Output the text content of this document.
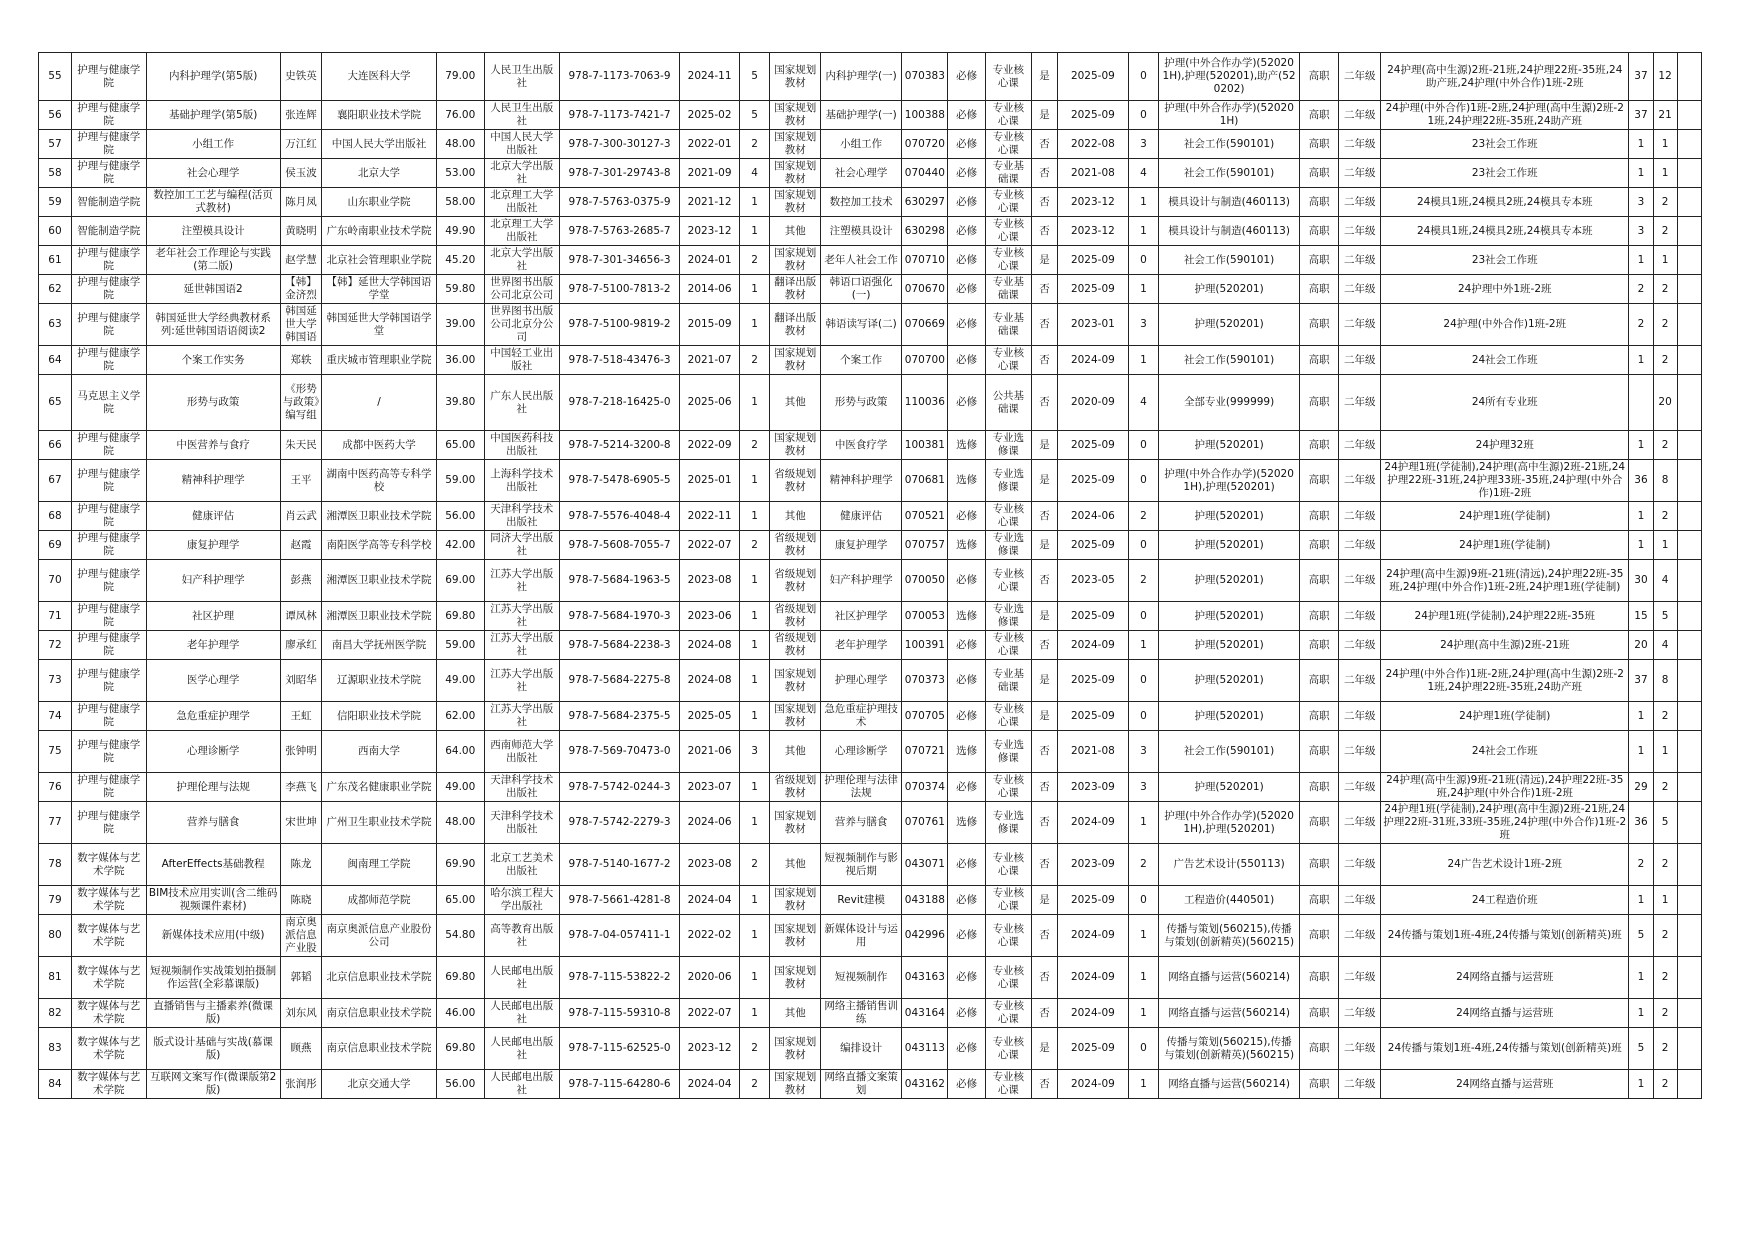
55	护理与健康学院	内科护理学(第5版)	史铁英	大连医科大学	79.00	人民卫生出版社	978-7-1173-7063-9	2024-11	5	国家规划教材	内科护理学(一)	070383	必修	专业核心课	是	2025-09	0	护理(中外合作办学)(520201H),护理(520201),助产(520202)	高职	二年级	24护理(高中生源)2班-21班,24护理22班-35班,24助产班,24护理(中外合作)1班-2班	37	12	
56	护理与健康学院	基础护理学(第5版)	张连辉	襄阳职业技术学院	76.00	人民卫生出版社	978-7-1173-7421-7	2025-02	5	国家规划教材	基础护理学(一)	100388	必修	专业核心课	是	2025-09	0	护理(中外合作办学)(520201H)	高职	二年级	24护理(中外合作)1班-2班,24护理(高中生源)2班-21班,24护理22班-35班,24助产班	37	21	
57	护理与健康学院	小组工作	万江红	中国人民大学出版社	48.00	中国人民大学出版社	978-7-300-30127-3	2022-01	2	国家规划教材	小组工作	070720	必修	专业核心课	否	2022-08	3	社会工作(590101)	高职	二年级	23社会工作班	1	1	
58	护理与健康学院	社会心理学	侯玉波	北京大学	53.00	北京大学出版社	978-7-301-29743-8	2021-09	4	国家规划教材	社会心理学	070440	必修	专业基础课	否	2021-08	4	社会工作(590101)	高职	二年级	23社会工作班	1	1	
59	智能制造学院	数控加工工艺与编程(活页式教材)	陈月凤	山东职业学院	58.00	北京理工大学出版社	978-7-5763-0375-9	2021-12	1	国家规划教材	数控加工技术	630297	必修	专业核心课	否	2023-12	1	模具设计与制造(460113)	高职	二年级	24模具1班,24模具2班,24模具专本班	3	2	
60	智能制造学院	注塑模具设计	黄晓明	广东岭南职业技术学院	49.90	北京理工大学出版社	978-7-5763-2685-7	2023-12	1	其他	注塑模具设计	630298	必修	专业核心课	否	2023-12	1	模具设计与制造(460113)	高职	二年级	24模具1班,24模具2班,24模具专本班	3	2	
61	护理与健康学院	老年社会工作理论与实践(第二版)	赵学慧	北京社会管理职业学院	45.20	北京大学出版社	978-7-301-34656-3	2024-01	2	国家规划教材	老年人社会工作	070710	必修	专业核心课	是	2025-09	0	社会工作(590101)	高职	二年级	23社会工作班	1	1	
62	护理与健康学院	延世韩国语2	【韩】金济烈	【韩】延世大学韩国语学堂	59.80	世界图书出版公司北京公司	978-7-5100-7813-2	2014-06	1	翻译出版教材	韩语口语强化(一)	070670	必修	专业基础课	否	2025-09	1	护理(520201)	高职	二年级	24护理中外1班-2班	2	2	
63	护理与健康学院	韩国延世大学经典教材系列:延世韩国语语阅读2	韩国延世大学韩国语	韩国延世大学韩国语学堂	39.00	世界图书出版公司北京分公司	978-7-5100-9819-2	2015-09	1	翻译出版教材	韩语读写译(二)	070669	必修	专业基础课	否	2023-01	3	护理(520201)	高职	二年级	24护理(中外合作)1班-2班	2	2	
64	护理与健康学院	个案工作实务	郑轶	重庆城市管理职业学院	36.00	中国轻工业出版社	978-7-518-43476-3	2021-07	2	国家规划教材	个案工作	070700	必修	专业核心课	否	2024-09	1	社会工作(590101)	高职	二年级	24社会工作班	1	2	
65	马克思主义学院	形势与政策	《形势与政策》编写组	/	39.80	广东人民出版社	978-7-218-16425-0	2025-06	1	其他	形势与政策	110036	必修	公共基础课	否	2020-09	4	全部专业(999999)	高职	二年级	24所有专业班		20	
66	护理与健康学院	中医营养与食疗	朱天民	成都中医药大学	65.00	中国医药科技出版社	978-7-5214-3200-8	2022-09	2	国家规划教材	中医食疗学	100381	选修	专业选修课	是	2025-09	0	护理(520201)	高职	二年级	24护理32班	1	2	
67	护理与健康学院	精神科护理学	王平	湖南中医药高等专科学校	59.00	上海科学技术出版社	978-7-5478-6905-5	2025-01	1	省级规划教材	精神科护理学	070681	选修	专业选修课	是	2025-09	0	护理(中外合作办学)(520201H),护理(520201)	高职	二年级	24护理1班(学徒制),24护理(高中生源)2班-21班,24护理22班-31班,24护理33班-35班,24护理(中外合作)1班-2班	36	8	
68	护理与健康学院	健康评估	肖云武	湘潭医卫职业技术学院	56.00	天津科学技术出版社	978-7-5576-4048-4	2022-11	1	其他	健康评估	070521	必修	专业核心课	否	2024-06	2	护理(520201)	高职	二年级	24护理1班(学徒制)	1	2	
69	护理与健康学院	康复护理学	赵霞	南阳医学高等专科学校	42.00	同济大学出版社	978-7-5608-7055-7	2022-07	2	省级规划教材	康复护理学	070757	选修	专业选修课	是	2025-09	0	护理(520201)	高职	二年级	24护理1班(学徒制)	1	1	
70	护理与健康学院	妇产科护理学	彭燕	湘潭医卫职业技术学院	69.00	江苏大学出版社	978-7-5684-1963-5	2023-08	1	省级规划教材	妇产科护理学	070050	必修	专业核心课	否	2023-05	2	护理(520201)	高职	二年级	24护理(高中生源)9班-21班(清远),24护理22班-35班,24护理(中外合作)1班-2班,24护理1班(学徒制)	30	4	
71	护理与健康学院	社区护理	谭凤林	湘潭医卫职业技术学院	69.80	江苏大学出版社	978-7-5684-1970-3	2023-06	1	省级规划教材	社区护理学	070053	选修	专业选修课	是	2025-09	0	护理(520201)	高职	二年级	24护理1班(学徒制),24护理22班-35班	15	5	
72	护理与健康学院	老年护理学	廖承红	南昌大学抚州医学院	59.00	江苏大学出版社	978-7-5684-2238-3	2024-08	1	省级规划教材	老年护理学	100391	必修	专业核心课	否	2024-09	1	护理(520201)	高职	二年级	24护理(高中生源)2班-21班	20	4	
73	护理与健康学院	医学心理学	刘昭华	辽源职业技术学院	49.00	江苏大学出版社	978-7-5684-2275-8	2024-08	1	国家规划教材	护理心理学	070373	必修	专业基础课	是	2025-09	0	护理(520201)	高职	二年级	24护理(中外合作)1班-2班,24护理(高中生源)2班-21班,24护理22班-35班,24助产班	37	8	
74	护理与健康学院	急危重症护理学	王虹	信阳职业技术学院	62.00	江苏大学出版社	978-7-5684-2375-5	2025-05	1	国家规划教材	急危重症护理技术	070705	必修	专业核心课	是	2025-09	0	护理(520201)	高职	二年级	24护理1班(学徒制)	1	2	
75	护理与健康学院	心理诊断学	张钟明	西南大学	64.00	西南师范大学出版社	978-7-569-70473-0	2021-06	3	其他	心理诊断学	070721	选修	专业选修课	否	2021-08	3	社会工作(590101)	高职	二年级	24社会工作班	1	1	
76	护理与健康学院	护理伦理与法规	李燕飞	广东茂名健康职业学院	49.00	天津科学技术出版社	978-7-5742-0244-3	2023-07	1	省级规划教材	护理伦理与法律法规	070374	必修	专业核心课	否	2023-09	3	护理(520201)	高职	二年级	24护理(高中生源)9班-21班(清远),24护理22班-35班,24护理(中外合作)1班-2班	29	2	
77	护理与健康学院	营养与膳食	宋世坤	广州卫生职业技术学院	48.00	天津科学技术出版社	978-7-5742-2279-3	2024-06	1	国家规划教材	营养与膳食	070761	选修	专业选修课	否	2024-09	1	护理(中外合作办学)(520201H),护理(520201)	高职	二年级	24护理1班(学徒制),24护理(高中生源)2班-21班,24护理22班-31班,33班-35班,24护理(中外合作)1班-2班	36	5	
78	数字媒体与艺术学院	AfterEffects基础教程	陈龙	闽南理工学院	69.90	北京工艺美术出版社	978-7-5140-1677-2	2023-08	2	其他	短视频制作与影视后期	043071	必修	专业核心课	否	2023-09	2	广告艺术设计(550113)	高职	二年级	24广告艺术设计1班-2班	2	2	
79	数字媒体与艺术学院	BIM技术应用实训(含二维码视频课件素材)	陈晓	成都师范学院	65.00	哈尔滨工程大学出版社	978-7-5661-4281-8	2024-04	1	国家规划教材	Revit建模	043188	必修	专业核心课	是	2025-09	0	工程造价(440501)	高职	二年级	24工程造价班	1	1	
80	数字媒体与艺术学院	新媒体技术应用(中级)	南京奥派信息产业股	南京奥派信息产业股份公司	54.80	高等教育出版社	978-7-04-057411-1	2022-02	1	国家规划教材	新媒体设计与运用	042996	必修	专业核心课	否	2024-09	1	传播与策划(560215),传播与策划(创新精英)(560215)	高职	二年级	24传播与策划1班-4班,24传播与策划(创新精英)班	5	2	
81	数字媒体与艺术学院	短视频制作实战策划拍摄制作运营(全彩慕课版)	郭韬	北京信息职业技术学院	69.80	人民邮电出版社	978-7-115-53822-2	2020-06	1	国家规划教材	短视频制作	043163	必修	专业核心课	否	2024-09	1	网络直播与运营(560214)	高职	二年级	24网络直播与运营班	1	2	
82	数字媒体与艺术学院	直播销售与主播素养(微课版)	刘东风	南京信息职业技术学院	46.00	人民邮电出版社	978-7-115-59310-8	2022-07	1	其他	网络主播销售训练	043164	必修	专业核心课	否	2024-09	1	网络直播与运营(560214)	高职	二年级	24网络直播与运营班	1	2	
83	数字媒体与艺术学院	版式设计基础与实战(慕课版)	顾燕	南京信息职业技术学院	69.80	人民邮电出版社	978-7-115-62525-0	2023-12	2	国家规划教材	编排设计	043113	必修	专业核心课	是	2025-09	0	传播与策划(560215),传播与策划(创新精英)(560215)	高职	二年级	24传播与策划1班-4班,24传播与策划(创新精英)班	5	2	
84	数字媒体与艺术学院	互联网文案写作(微课版第2版)	张润彤	北京交通大学	56.00	人民邮电出版社	978-7-115-64280-6	2024-04	2	国家规划教材	网络直播文案策划	043162	必修	专业核心课	否	2024-09	1	网络直播与运营(560214)	高职	二年级	24网络直播与运营班	1	2	
